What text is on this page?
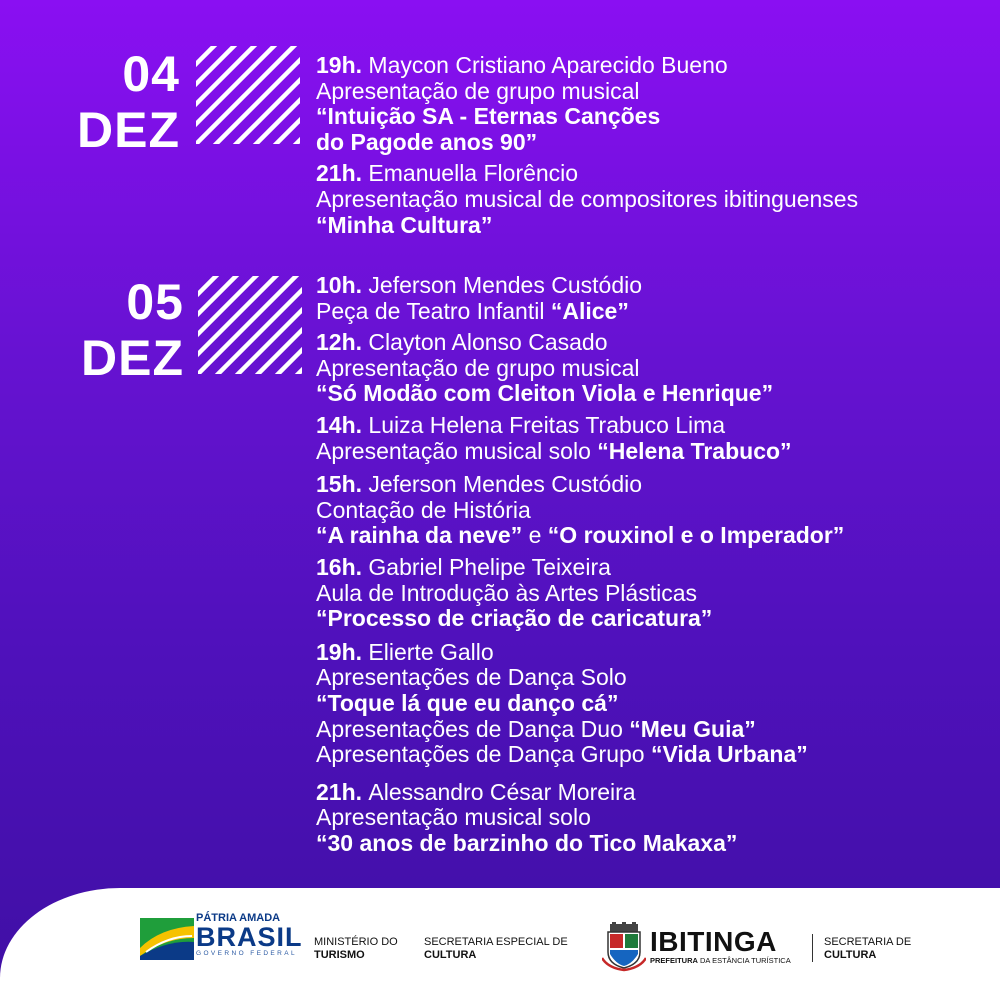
04
DEZ
19h. Maycon Cristiano Aparecido Bueno
Apresentação de grupo musical
“Intuição SA - Eternas Canções
do Pagode anos 90”
21h. Emanuella Florêncio
Apresentação musical de compositores ibitinguenses
“Minha Cultura”
05
DEZ
10h. Jeferson Mendes Custódio
Peça de Teatro Infantil “Alice”
12h. Clayton Alonso Casado
Apresentação de grupo musical
“Só Modão com Cleiton Viola e Henrique”
14h. Luiza Helena Freitas Trabuco Lima
Apresentação musical solo “Helena Trabuco”
15h. Jeferson Mendes Custódio
Contação de História
“A rainha da neve” e “O rouxinol e o Imperador”
16h. Gabriel Phelipe Teixeira
Aula de Introdução às Artes Plásticas
“Processo de criação de caricatura”
19h. Elierte Gallo
Apresentações de Dança Solo
“Toque lá que eu danço cá”
Apresentações de Dança Duo “Meu Guia”
Apresentações de Dança Grupo “Vida Urbana”
21h. Alessandro César Moreira
Apresentação musical solo
“30 anos de barzinho do Tico Makaxa”
PÁTRIA AMADA
BRASIL
GOVERNO FEDERAL
MINISTÉRIO DO
TURISMO
SECRETARIA ESPECIAL DE
CULTURA	IBITINGA
PREFEITURA DA ESTÂNCIA TURÍSTICA
SECRETARIA DE
CULTURA
